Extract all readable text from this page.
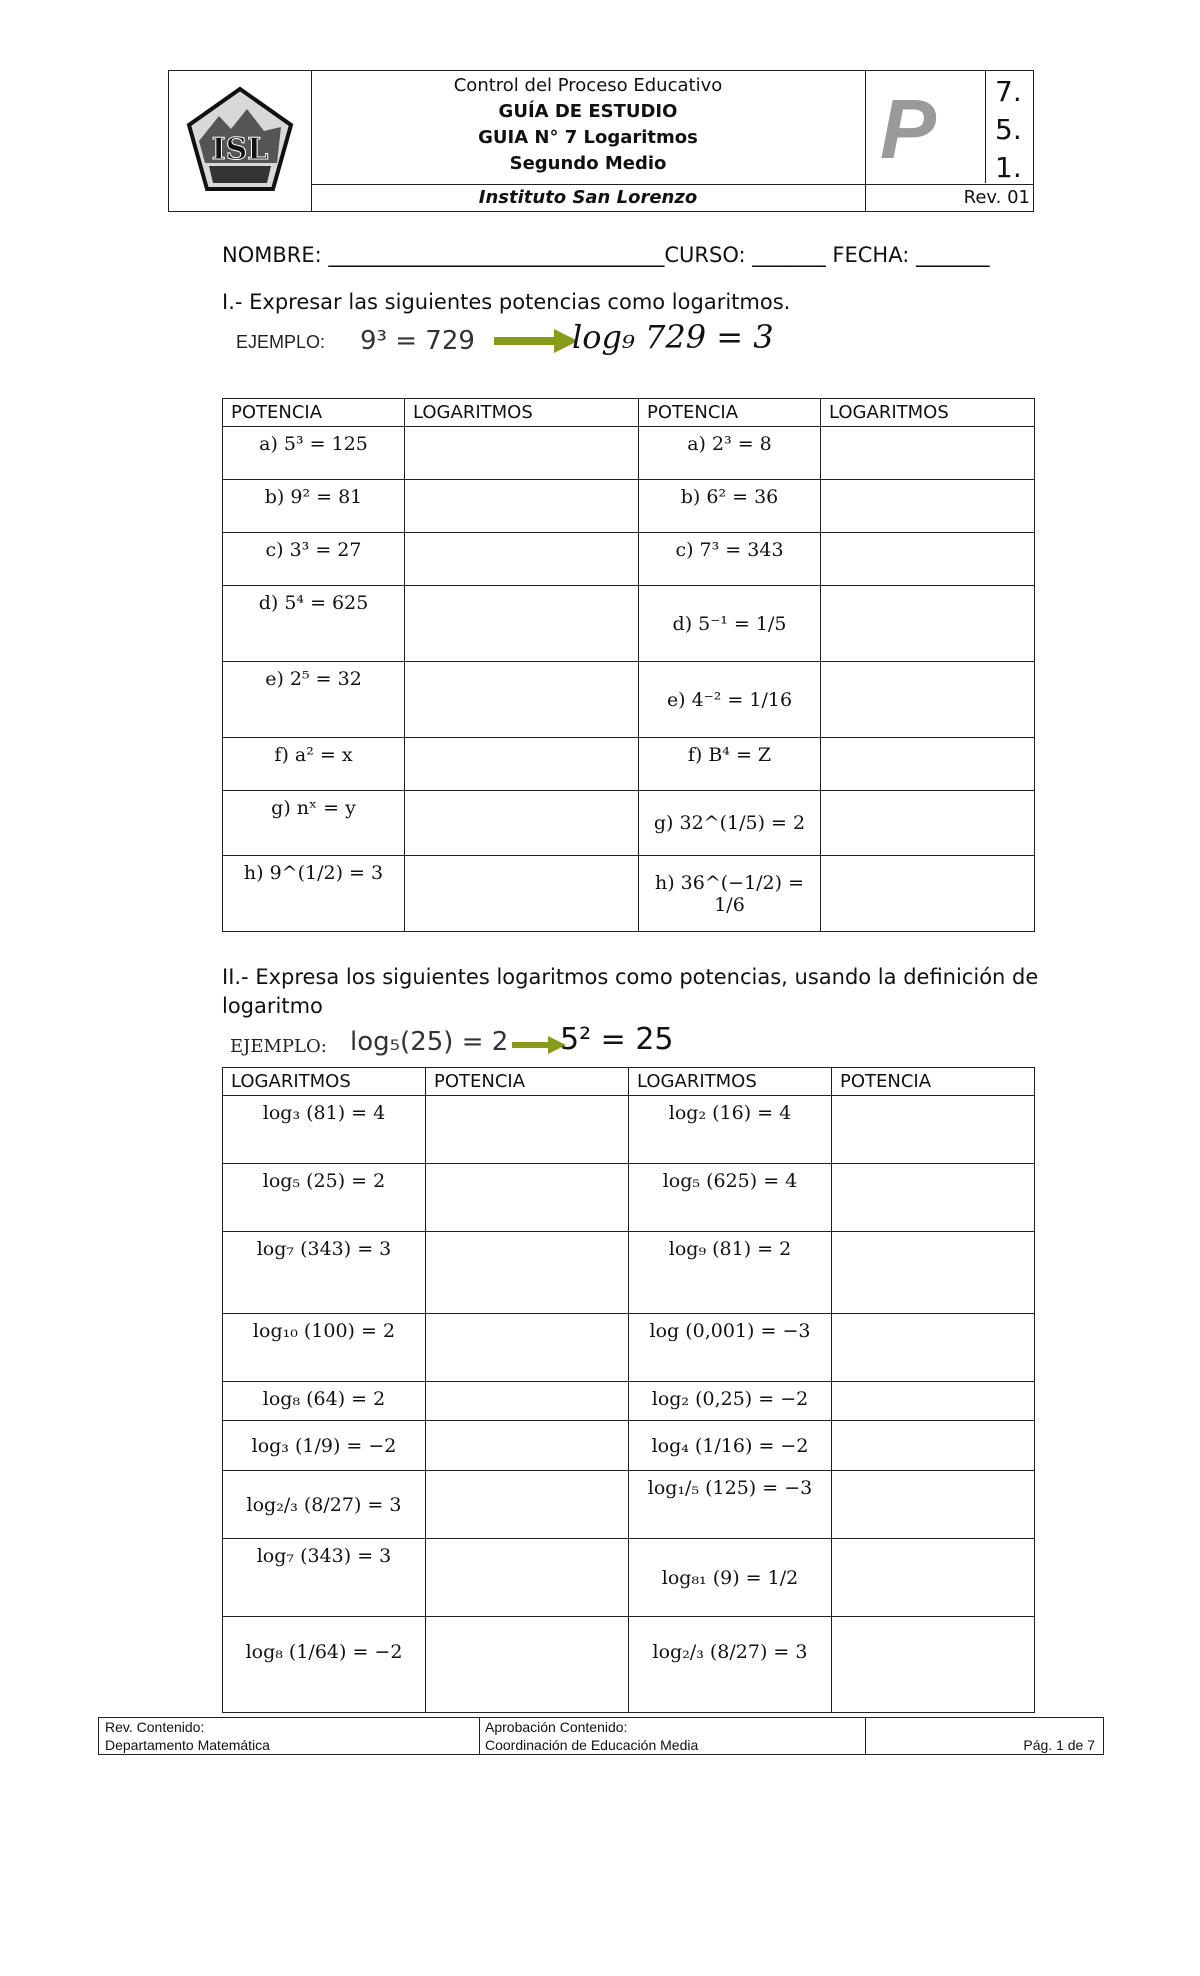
ISL
Control del Proceso Educativo
GUÍA DE ESTUDIO
GUIA N° 7 Logaritmos
Segundo Medio
Instituto San Lorenzo
P 7.
5.
1.
Rev. 01
NOMBRE: ________________________________CURSO: _______ FECHA: _______
I.- Expresar las siguientes potencias como logaritmos.
EJEMPLO: 9³ = 729	log₉ 729 = 3
POTENCIA	LOGARITMOS	POTENCIA	LOGARITMOS
a) 5³ = 125		a) 2³ = 8	
b) 9² = 81		b) 6² = 36	
c) 3³ = 27		c) 7³ = 343	
d) 5⁴ = 625		d) 5⁻¹ = 1/5	
e) 2⁵ = 32		e) 4⁻² = 1/16	
f) a² = x		f) B⁴ = Z	
g) nˣ = y		g) 32^(1/5) = 2	
h) 9^(1/2) = 3		h) 36^(−1/2) = 1/6	
II.- Expresa los siguientes logaritmos como potencias, usando la definición de
logaritmo
EJEMPLO: log₅(25) = 2 5² = 25
LOGARITMOS	POTENCIA	LOGARITMOS	POTENCIA
log₃ (81) = 4		log₂ (16) = 4	
log₅ (25) = 2		log₅ (625) = 4	
log₇ (343) = 3		log₉ (81) = 2	
log₁₀ (100) = 2		log (0,001) = −3	
log₈ (64) = 2		log₂ (0,25) = −2	
log₃ (1/9) = −2		log₄ (1/16) = −2	
log₂/₃ (8/27) = 3		log₁/₅ (125) = −3	
log₇ (343) = 3		log₈₁ (9) = 1/2	
log₈ (1/64) = −2		log₂/₃ (8/27) = 3	
Rev. Contenido:
Departamento Matemática
Aprobación Contenido:
Coordinación de Educación Media	Pág. 1 de 7
